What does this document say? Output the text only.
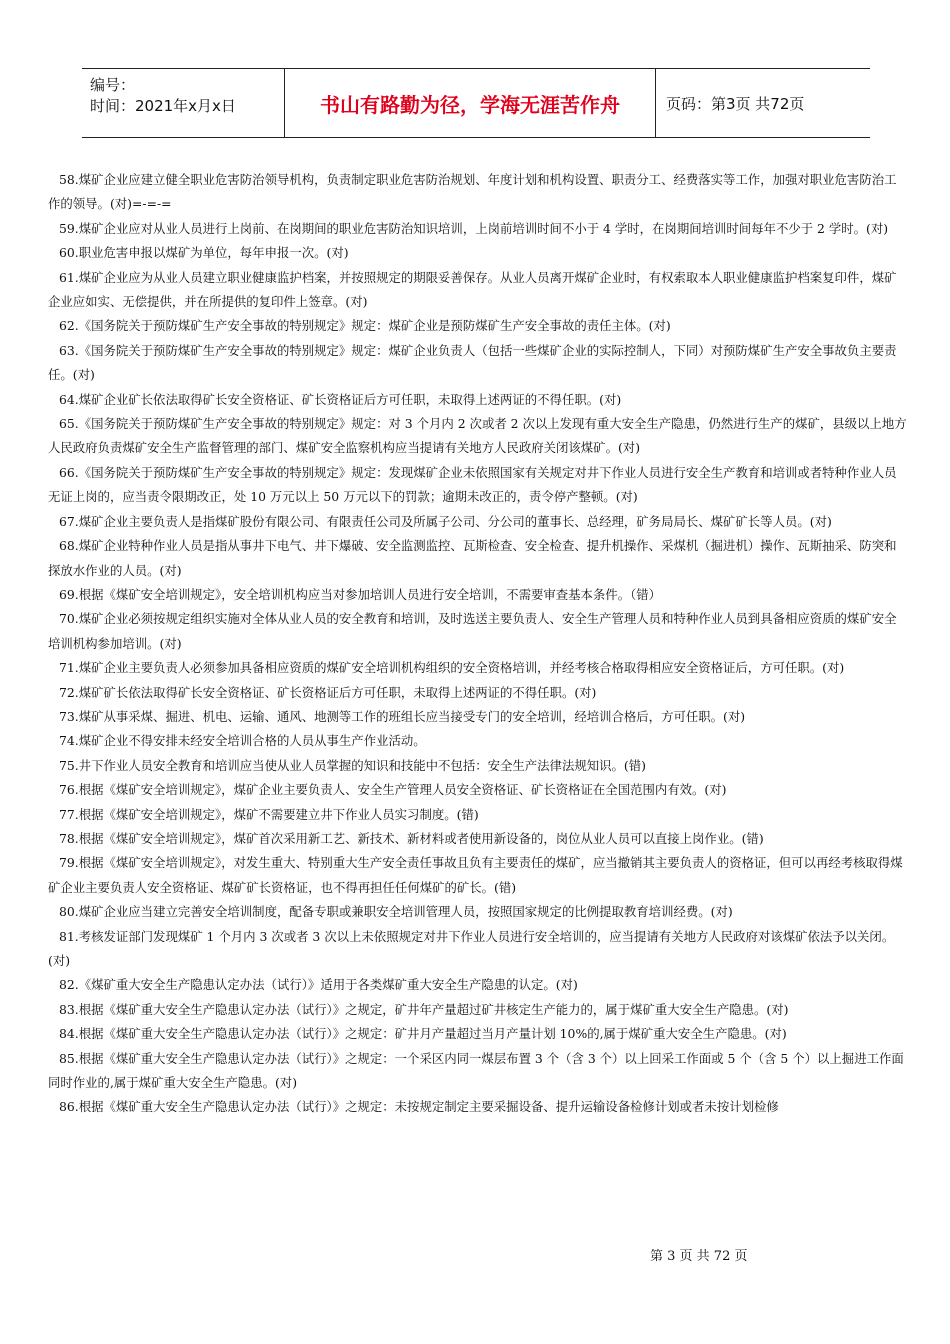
编号：
时间：2021年x月x日	书山有路勤为径，学海无涯苦作舟	页码：第3页 共72页

58.煤矿企业应建立健全职业危害防治领导机构，负责制定职业危害防治规划、年度计划和机构设置、职责分工、经费落实等工作，加强对职业危害防治工作的领导。(对)=-=-=

59.煤矿企业应对从业人员进行上岗前、在岗期间的职业危害防治知识培训，上岗前培训时间不小于 4 学时，在岗期间培训时间每年不少于 2 学时。(对)

60.职业危害申报以煤矿为单位，每年申报一次。(对)

61.煤矿企业应为从业人员建立职业健康监护档案，并按照规定的期限妥善保存。从业人员离开煤矿企业时，有权索取本人职业健康监护档案复印件，煤矿企业应如实、无偿提供，并在所提供的复印件上签章。(对)

62.《国务院关于预防煤矿生产安全事故的特别规定》规定：煤矿企业是预防煤矿生产安全事故的责任主体。(对)

63.《国务院关于预防煤矿生产安全事故的特别规定》规定：煤矿企业负责人（包括一些煤矿企业的实际控制人，下同）对预防煤矿生产安全事故负主要责任。(对)

64.煤矿企业矿长依法取得矿长安全资格证、矿长资格证后方可任职，未取得上述两证的不得任职。(对)

65.《国务院关于预防煤矿生产安全事故的特别规定》规定：对 3 个月内 2 次或者 2 次以上发现有重大安全生产隐患，仍然进行生产的煤矿，县级以上地方人民政府负责煤矿安全生产监督管理的部门、煤矿安全监察机构应当提请有关地方人民政府关闭该煤矿。(对)

66.《国务院关于预防煤矿生产安全事故的特别规定》规定：发现煤矿企业未依照国家有关规定对井下作业人员进行安全生产教育和培训或者特种作业人员无证上岗的，应当责令限期改正，处 10 万元以上 50 万元以下的罚款；逾期未改正的，责令停产整顿。(对)

67.煤矿企业主要负责人是指煤矿股份有限公司、有限责任公司及所属子公司、分公司的董事长、总经理，矿务局局长、煤矿矿长等人员。(对)

68.煤矿企业特种作业人员是指从事井下电气、井下爆破、安全监测监控、瓦斯检查、安全检查、提升机操作、采煤机（掘进机）操作、瓦斯抽采、防突和探放水作业的人员。(对)

69.根据《煤矿安全培训规定》，安全培训机构应当对参加培训人员进行安全培训，不需要审查基本条件。（错）

70.煤矿企业必须按规定组织实施对全体从业人员的安全教育和培训，及时选送主要负责人、安全生产管理人员和特种作业人员到具备相应资质的煤矿安全培训机构参加培训。(对)

71.煤矿企业主要负责人必须参加具备相应资质的煤矿安全培训机构组织的安全资格培训，并经考核合格取得相应安全资格证后，方可任职。(对)

72.煤矿矿长依法取得矿长安全资格证、矿长资格证后方可任职，未取得上述两证的不得任职。(对)

73.煤矿从事采煤、掘进、机电、运输、通风、地测等工作的班组长应当接受专门的安全培训，经培训合格后，方可任职。(对)

74.煤矿企业不得安排未经安全培训合格的人员从事生产作业活动。

75.井下作业人员安全教育和培训应当使从业人员掌握的知识和技能中不包括：安全生产法律法规知识。(错)

76.根据《煤矿安全培训规定》，煤矿企业主要负责人、安全生产管理人员安全资格证、矿长资格证在全国范围内有效。(对)

77.根据《煤矿安全培训规定》，煤矿不需要建立井下作业人员实习制度。(错)

78.根据《煤矿安全培训规定》，煤矿首次采用新工艺、新技术、新材料或者使用新设备的，岗位从业人员可以直接上岗作业。(错)

79.根据《煤矿安全培训规定》，对发生重大、特别重大生产安全责任事故且负有主要责任的煤矿，应当撤销其主要负责人的资格证，但可以再经考核取得煤矿企业主要负责人安全资格证、煤矿矿长资格证，也不得再担任任何煤矿的矿长。(错)

80.煤矿企业应当建立完善安全培训制度，配备专职或兼职安全培训管理人员，按照国家规定的比例提取教育培训经费。(对)

81.考核发证部门发现煤矿 1 个月内 3 次或者 3 次以上未依照规定对井下作业人员进行安全培训的，应当提请有关地方人民政府对该煤矿依法予以关闭。(对)

82.《煤矿重大安全生产隐患认定办法（试行）》适用于各类煤矿重大安全生产隐患的认定。(对)

83.根据《煤矿重大安全生产隐患认定办法（试行）》之规定，矿井年产量超过矿井核定生产能力的，属于煤矿重大安全生产隐患。(对)

84.根据《煤矿重大安全生产隐患认定办法（试行）》之规定：矿井月产量超过当月产量计划 10%的,属于煤矿重大安全生产隐患。(对)

85.根据《煤矿重大安全生产隐患认定办法（试行）》之规定：一个采区内同一煤层布置 3 个（含 3 个）以上回采工作面或 5 个（含 5 个）以上掘进工作面同时作业的,属于煤矿重大安全生产隐患。(对)

86.根据《煤矿重大安全生产隐患认定办法（试行）》之规定：未按规定制定主要采掘设备、提升运输设备检修计划或者未按计划检修

第 3 页 共 72 页
